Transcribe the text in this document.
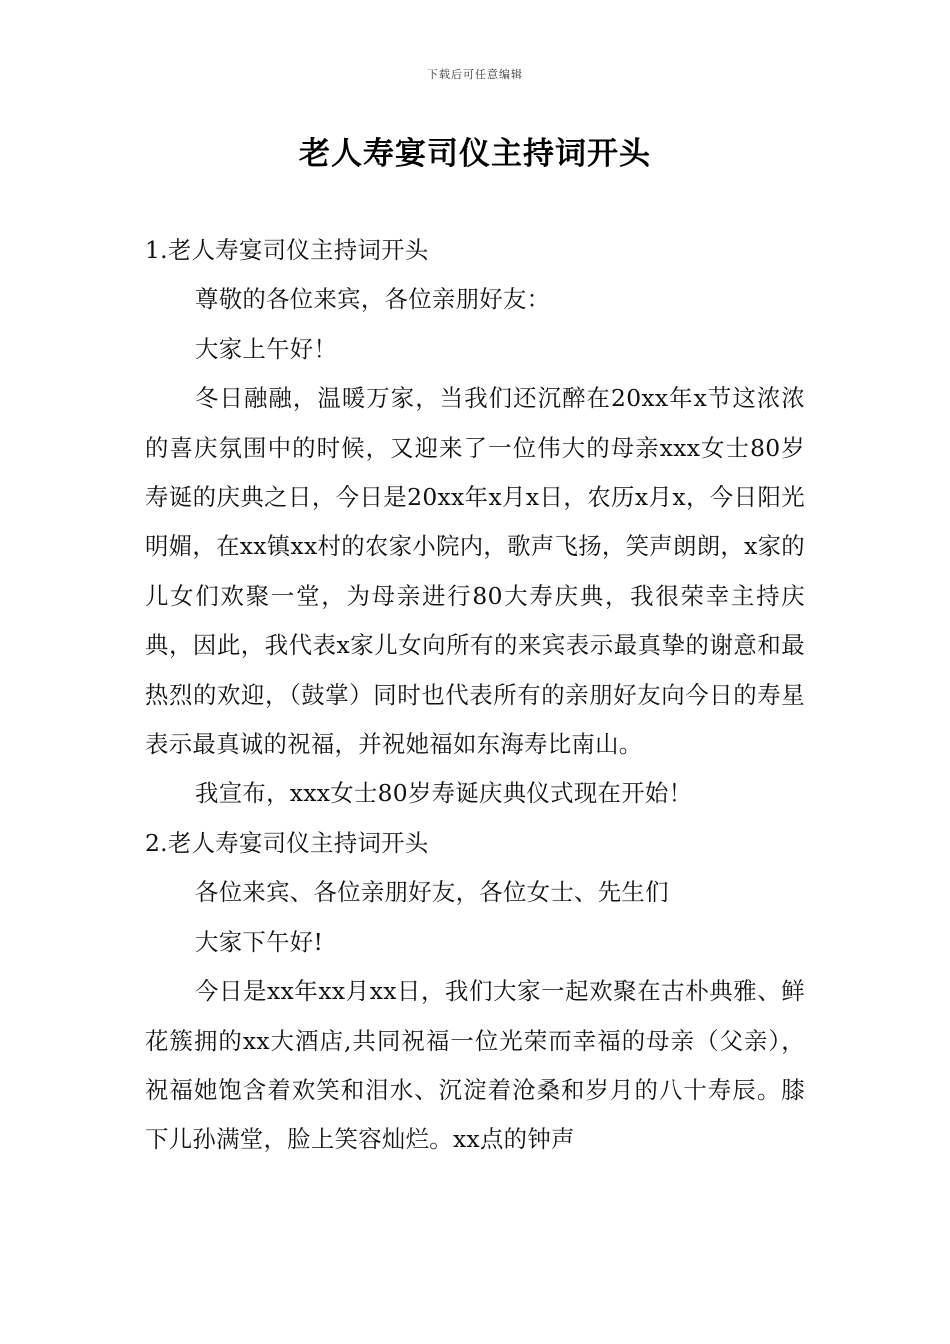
下载后可任意编辑
老人寿宴司仪主持词开头

1.老人寿宴司仪主持词开头

尊敬的各位来宾，各位亲朋好友：

大家上午好！

冬日融融，温暖万家，当我们还沉醉在20xx年x节这浓浓的喜庆氛围中的时候，又迎来了一位伟大的母亲xxx女士80岁寿诞的庆典之日，今日是20xx年x月x日，农历x月x，今日阳光明媚，在xx镇xx村的农家小院内，歌声飞扬，笑声朗朗，x家的儿女们欢聚一堂，为母亲进行80大寿庆典，我很荣幸主持庆典，因此，我代表x家儿女向所有的来宾表示最真挚的谢意和最热烈的欢迎，（鼓掌）同时也代表所有的亲朋好友向今日的寿星表示最真诚的祝福，并祝她福如东海寿比南山。

我宣布，xxx女士80岁寿诞庆典仪式现在开始！

2.老人寿宴司仪主持词开头

各位来宾、各位亲朋好友，各位女士、先生们

大家下午好!

今日是xx年xx月xx日，我们大家一起欢聚在古朴典雅、鲜花簇拥的xx大酒店,共同祝福一位光荣而幸福的母亲（父亲），祝福她饱含着欢笑和泪水、沉淀着沧桑和岁月的八十寿辰。膝下儿孙满堂，脸上笑容灿烂。xx点的钟声
